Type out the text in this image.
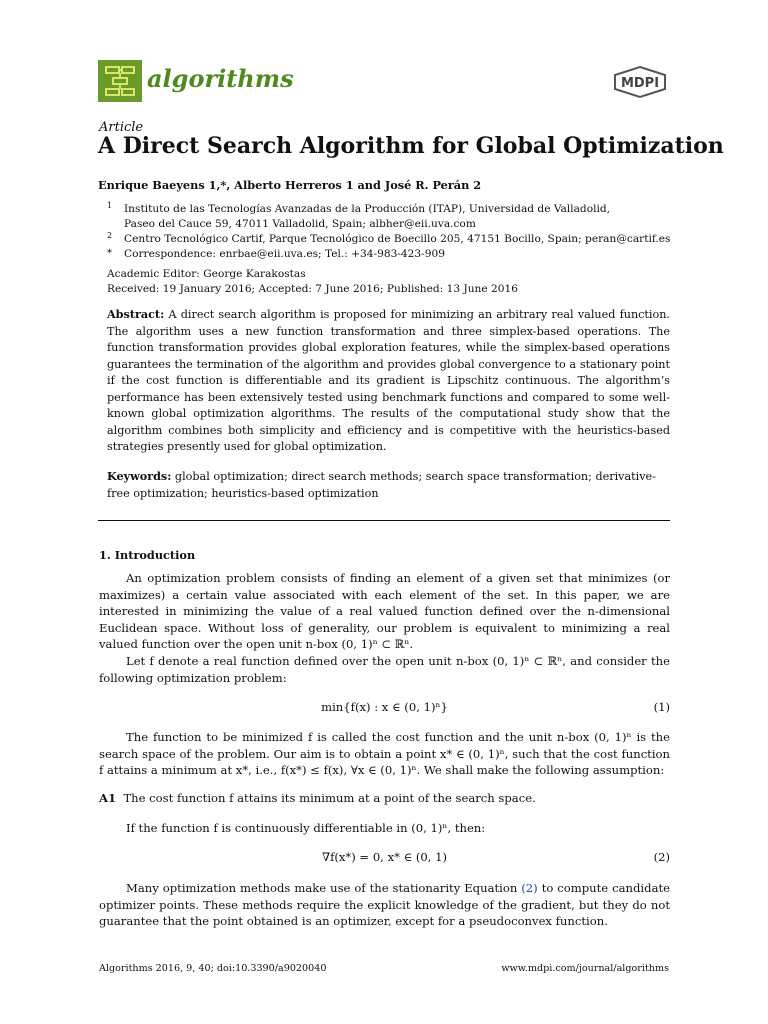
algorithms	MDPI
Article
A Direct Search Algorithm for Global Optimization
Enrique Baeyens 1,*, Alberto Herreros 1 and José R. Perán 2
1 Instituto de las Tecnologías Avanzadas de la Producción (ITAP), Universidad de Valladolid,
Paseo del Cauce 59, 47011 Valladolid, Spain; albher@eii.uva.com
2 Centro Tecnológico Cartif, Parque Tecnológico de Boecillo 205, 47151 Bocillo, Spain; peran@cartif.es
* Correspondence: enrbae@eii.uva.es; Tel.: +34-983-423-909
Academic Editor: George Karakostas
Received: 19 January 2016; Accepted: 7 June 2016; Published: 13 June 2016
Abstract: A direct search algorithm is proposed for minimizing an arbitrary real valued function. The algorithm uses a new function transformation and three simplex-based operations. The function transformation provides global exploration features, while the simplex-based operations guarantees the termination of the algorithm and provides global convergence to a stationary point if the cost function is differentiable and its gradient is Lipschitz continuous. The algorithm’s performance has been extensively tested using benchmark functions and compared to some well-known global optimization algorithms. The results of the computational study show that the algorithm combines both simplicity and efficiency and is competitive with the heuristics-based strategies presently used for global optimization.
Keywords: global optimization; direct search methods; search space transformation; derivative-free optimization; heuristics-based optimization
1. Introduction
An optimization problem consists of finding an element of a given set that minimizes (or maximizes) a certain value associated with each element of the set. In this paper, we are interested in minimizing the value of a real valued function defined over the n-dimensional Euclidean space. Without loss of generality, our problem is equivalent to minimizing a real valued function over the open unit n-box (0, 1)ⁿ ⊂ ℝⁿ.
Let f denote a real function defined over the open unit n-box (0, 1)ⁿ ⊂ ℝⁿ, and consider the following optimization problem:
min{f(x) : x ∈ (0, 1)ⁿ}	(1)
The function to be minimized f is called the cost function and the unit n-box (0, 1)ⁿ is the search space of the problem. Our aim is to obtain a point x* ∈ (0, 1)ⁿ, such that the cost function f attains a minimum at x*, i.e., f(x*) ≤ f(x), ∀x ∈ (0, 1)ⁿ. We shall make the following assumption:
A1 The cost function f attains its minimum at a point of the search space.
If the function f is continuously differentiable in (0, 1)ⁿ, then:
∇f(x*) = 0, x* ∈ (0, 1)	(2)
Many optimization methods make use of the stationarity Equation (2) to compute candidate optimizer points. These methods require the explicit knowledge of the gradient, but they do not guarantee that the point obtained is an optimizer, except for a pseudoconvex function.
Algorithms 2016, 9, 40; doi:10.3390/a9020040	www.mdpi.com/journal/algorithms
